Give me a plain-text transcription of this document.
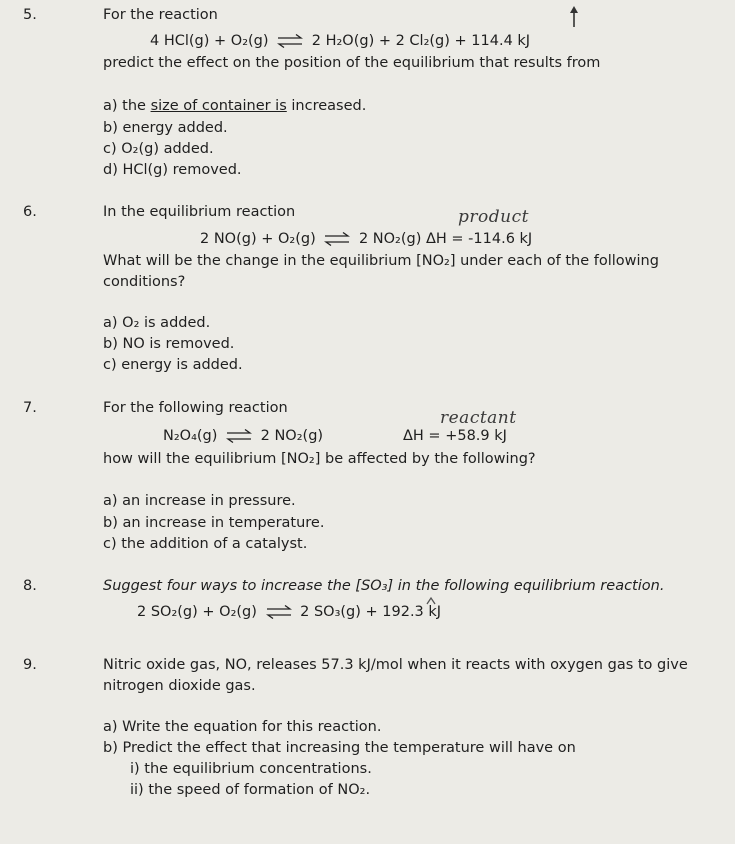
5.	For the reaction
4 HCl(g) + O₂(g) ⇌ 2 H₂O(g) + 2 Cl₂(g) + 114.4 kJ
predict the effect on the position of the equilibrium that results from
a) the size of container is increased.
b) energy added.
c) O₂(g) added.
d) HCl(g) removed.
6.	In the equilibrium reaction	product
2 NO(g) + O₂(g) ⇌ 2 NO₂(g) ΔH = -114.6 kJ
What will be the change in the equilibrium [NO₂] under each of the following
conditions?
a) O₂ is added.
b) NO is removed.
c) energy is added.
7.	For the following reaction	reactant
N₂O₄(g) ⇌ 2 NO₂(g)	ΔH = +58.9 kJ
how will the equilibrium [NO₂] be affected by the following?
a) an increase in pressure.
b) an increase in temperature.
c) the addition of a catalyst.
8.	Suggest four ways to increase the [SO₃] in the following equilibrium reaction.
2 SO₂(g) + O₂(g) ⇌ 2 SO₃(g) + 192.3 kJ
9.	Nitric oxide gas, NO, releases 57.3 kJ/mol when it reacts with oxygen gas to give
nitrogen dioxide gas.
a) Write the equation for this reaction.
b) Predict the effect that increasing the temperature will have on
i) the equilibrium concentrations.
ii) the speed of formation of NO₂.
